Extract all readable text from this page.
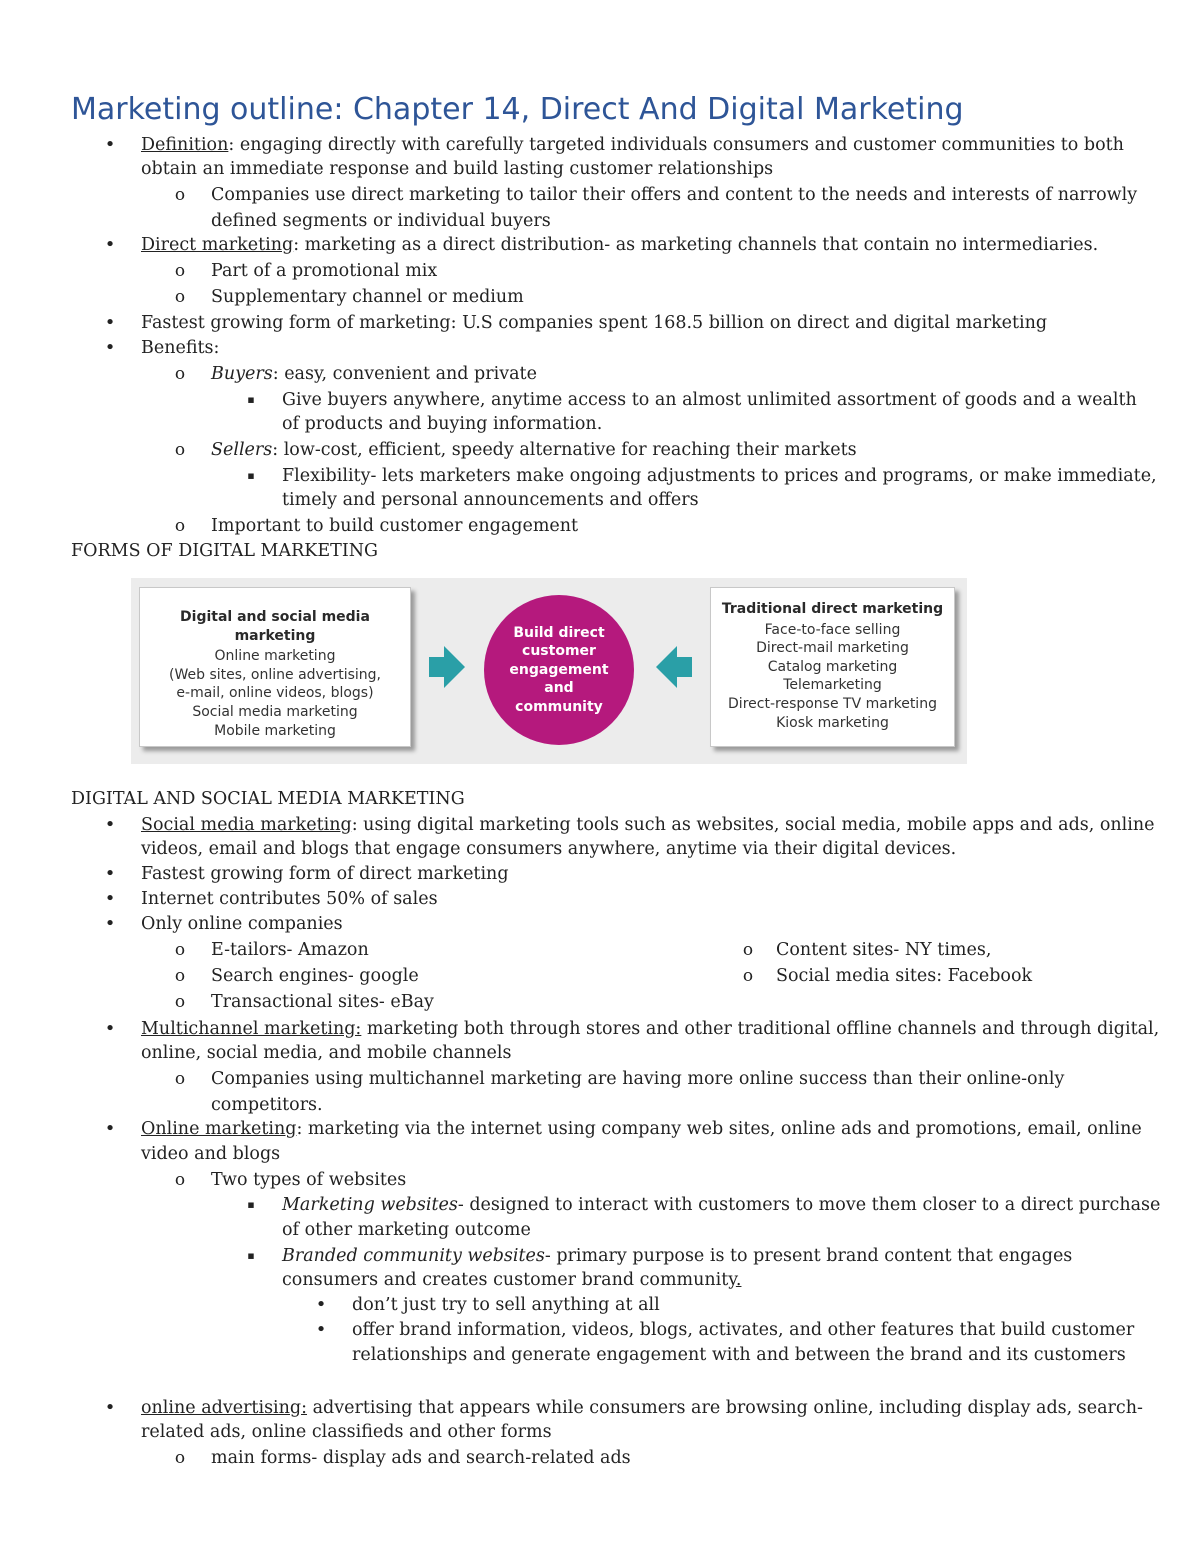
Marketing outline: Chapter 14, Direct And Digital Marketing
• Definition: engaging directly with carefully targeted individuals consumers and customer communities to both
obtain an immediate response and build lasting customer relationships
o Companies use direct marketing to tailor their offers and content to the needs and interests of narrowly
defined segments or individual buyers
• Direct marketing: marketing as a direct distribution- as marketing channels that contain no intermediaries.
o Part of a promotional mix
o Supplementary channel or medium
• Fastest growing form of marketing: U.S companies spent 168.5 billion on direct and digital marketing
• Benefits:
o Buyers: easy, convenient and private
▪ Give buyers anywhere, anytime access to an almost unlimited assortment of goods and a wealth
of products and buying information.
o Sellers: low-cost, efficient, speedy alternative for reaching their markets
▪ Flexibility- lets marketers make ongoing adjustments to prices and programs, or make immediate,
timely and personal announcements and offers
o Important to build customer engagement
FORMS OF DIGITAL MARKETING
Digital and social media marketing
Online marketing
(Web sites, online advertising,
e-mail, online videos, blogs)
Social media marketing
Mobile marketing
Build direct
customer
engagement
and
community
Traditional direct marketing
Face-to-face selling
Direct-mail marketing
Catalog marketing
Telemarketing
Direct-response TV marketing
Kiosk marketing
DIGITAL AND SOCIAL MEDIA MARKETING
• Social media marketing: using digital marketing tools such as websites, social media, mobile apps and ads, online
videos, email and blogs that engage consumers anywhere, anytime via their digital devices.
• Fastest growing form of direct marketing
• Internet contributes 50% of sales
• Only online companies
o E-tailors- Amazon	o Content sites- NY times,
o Search engines- google	o Social media sites: Facebook
o Transactional sites- eBay
• Multichannel marketing: marketing both through stores and other traditional offline channels and through digital,
online, social media, and mobile channels
o Companies using multichannel marketing are having more online success than their online-only
competitors.
• Online marketing: marketing via the internet using company web sites, online ads and promotions, email, online
video and blogs
o Two types of websites
▪ Marketing websites- designed to interact with customers to move them closer to a direct purchase
of other marketing outcome
▪ Branded community websites- primary purpose is to present brand content that engages
consumers and creates customer brand community.
• don’t just try to sell anything at all
• offer brand information, videos, blogs, activates, and other features that build customer
relationships and generate engagement with and between the brand and its customers
• online advertising: advertising that appears while consumers are browsing online, including display ads, search-
related ads, online classifieds and other forms
o main forms- display ads and search-related ads
